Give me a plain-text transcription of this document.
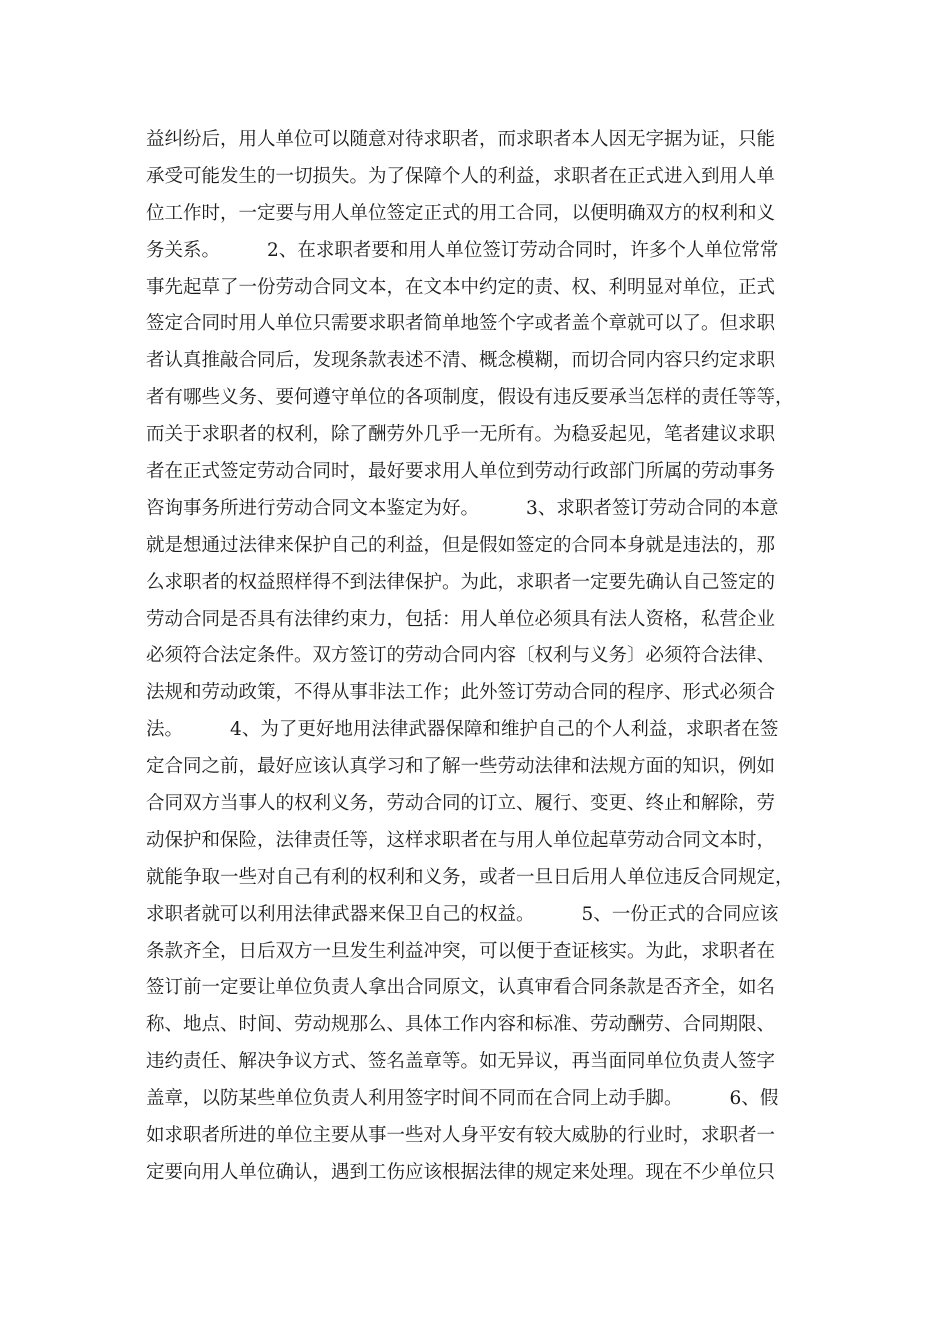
益纠纷后，用人单位可以随意对待求职者，而求职者本人因无字据为证，只能
承受可能发生的一切损失。为了保障个人的利益，求职者在正式进入到用人单
位工作时，一定要与用人单位签定正式的用工合同，以便明确双方的权利和义
务关系。        2、在求职者要和用人单位签订劳动合同时，许多个人单位常常
事先起草了一份劳动合同文本，在文本中约定的责、权、利明显对单位，正式
签定合同时用人单位只需要求职者简单地签个字或者盖个章就可以了。但求职
者认真推敲合同后，发现条款表述不清、概念模糊，而切合同内容只约定求职
者有哪些义务、要何遵守单位的各项制度，假设有违反要承当怎样的责任等等，
而关于求职者的权利，除了酬劳外几乎一无所有。为稳妥起见，笔者建议求职
者在正式签定劳动合同时，最好要求用人单位到劳动行政部门所属的劳动事务
咨询事务所进行劳动合同文本鉴定为好。        3、求职者签订劳动合同的本意
就是想通过法律来保护自己的利益，但是假如签定的合同本身就是违法的，那
么求职者的权益照样得不到法律保护。为此，求职者一定要先确认自己签定的
劳动合同是否具有法律约束力，包括：用人单位必须具有法人资格，私营企业
必须符合法定条件。双方签订的劳动合同内容〔权利与义务〕必须符合法律、
法规和劳动政策，不得从事非法工作；此外签订劳动合同的程序、形式必须合
法。        4、为了更好地用法律武器保障和维护自己的个人利益，求职者在签
定合同之前，最好应该认真学习和了解一些劳动法律和法规方面的知识，例如
合同双方当事人的权利义务，劳动合同的订立、履行、变更、终止和解除，劳
动保护和保险，法律责任等，这样求职者在与用人单位起草劳动合同文本时，
就能争取一些对自己有利的权利和义务，或者一旦日后用人单位违反合同规定，
求职者就可以利用法律武器来保卫自己的权益。        5、一份正式的合同应该
条款齐全，日后双方一旦发生利益冲突，可以便于查证核实。为此，求职者在
签订前一定要让单位负责人拿出合同原文，认真审看合同条款是否齐全，如名
称、地点、时间、劳动规那么、具体工作内容和标准、劳动酬劳、合同期限、
违约责任、解决争议方式、签名盖章等。如无异议，再当面同单位负责人签字
盖章，以防某些单位负责人利用签字时间不同而在合同上动手脚。        6、假
如求职者所进的单位主要从事一些对人身平安有较大威胁的行业时，求职者一
定要向用人单位确认，遇到工伤应该根据法律的规定来处理。现在不少单位只
